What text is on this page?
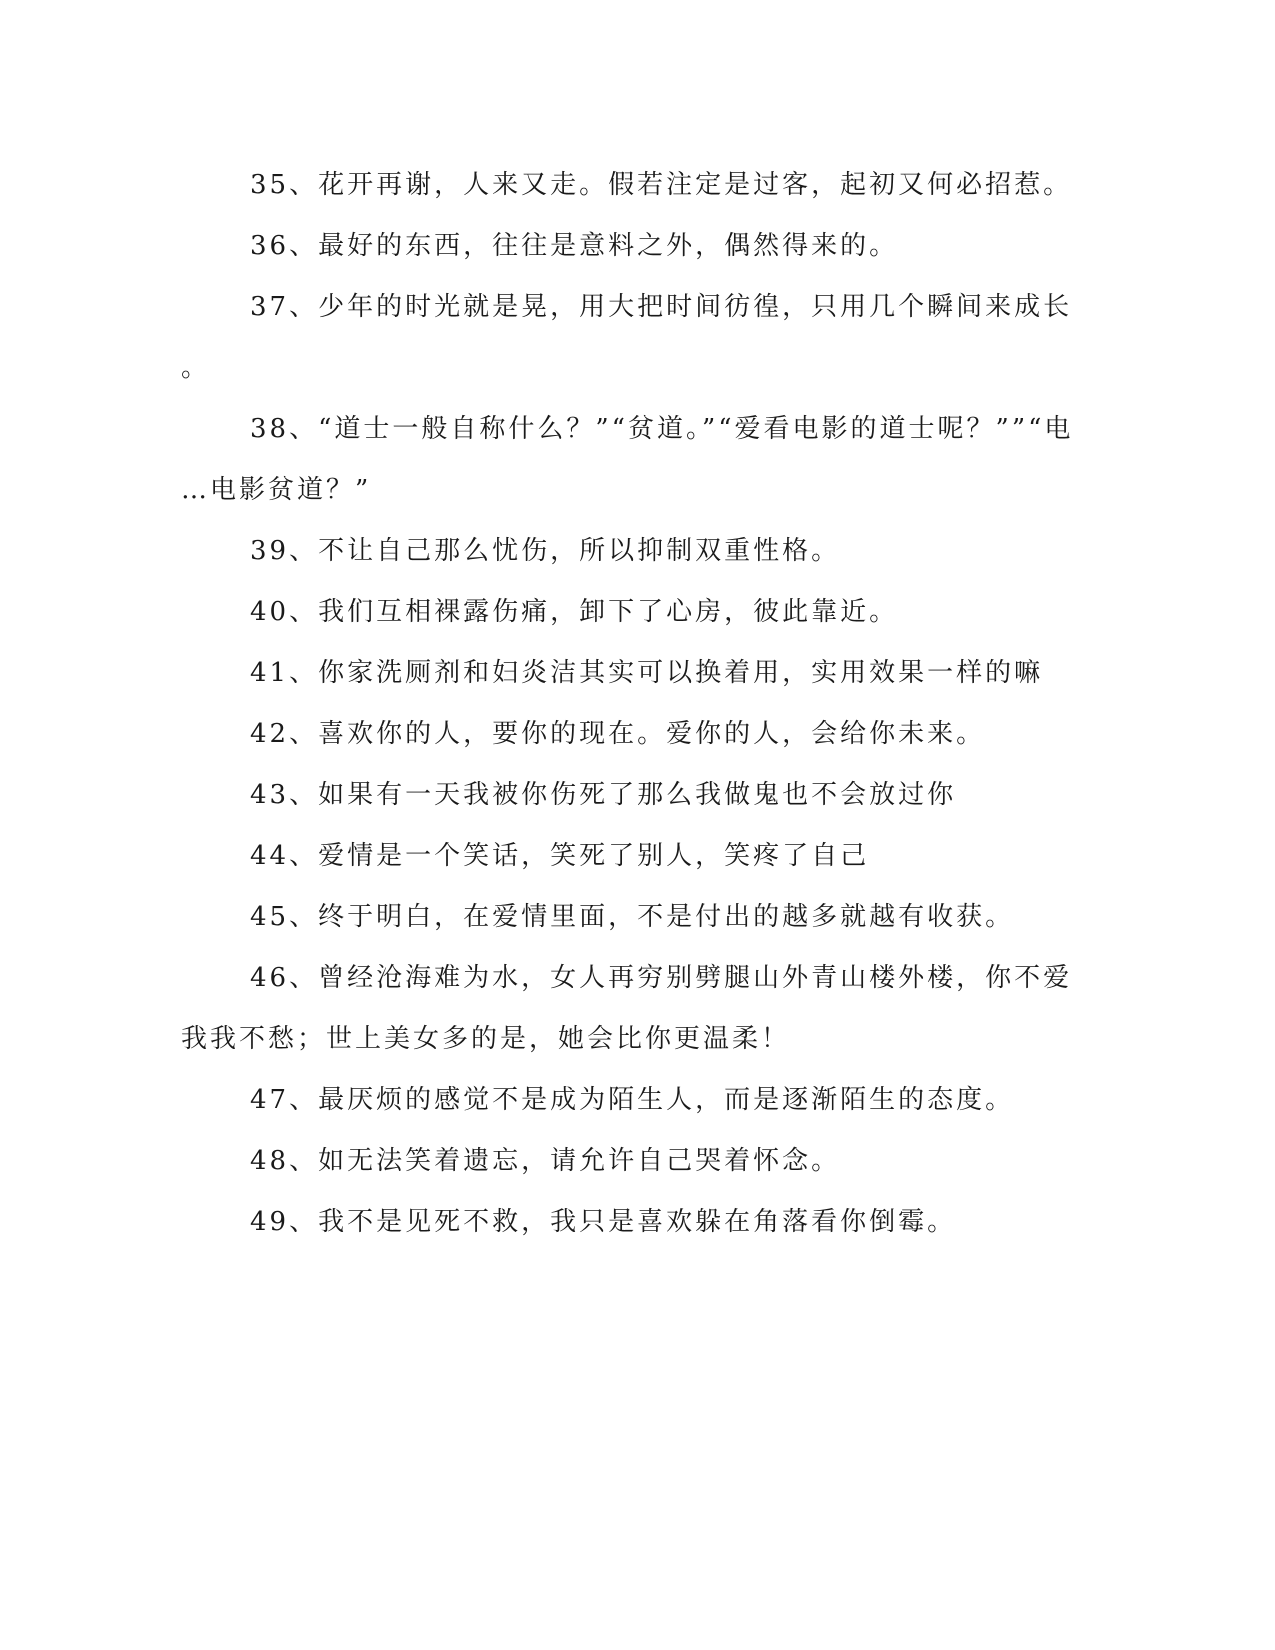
35、花开再谢，人来又走。假若注定是过客，起初又何必招惹。

36、最好的东西，往往是意料之外，偶然得来的。

37、少年的时光就是晃，用大把时间彷徨，只用几个瞬间来成长
。

38、“道士一般自称什么？”“贫道。”“爱看电影的道士呢？””“电
…电影贫道？”

39、不让自己那么忧伤，所以抑制双重性格。

40、我们互相裸露伤痛，卸下了心房，彼此靠近。

41、你家洗厕剂和妇炎洁其实可以换着用，实用效果一样的嘛

42、喜欢你的人，要你的现在。爱你的人，会给你未来。

43、如果有一天我被你伤死了那么我做鬼也不会放过你

44、爱情是一个笑话，笑死了别人，笑疼了自己

45、终于明白，在爱情里面，不是付出的越多就越有收获。

46、曾经沧海难为水，女人再穷别劈腿山外青山楼外楼，你不爱
我我不愁；世上美女多的是，她会比你更温柔！

47、最厌烦的感觉不是成为陌生人，而是逐渐陌生的态度。

48、如无法笑着遗忘，请允许自己哭着怀念。

49、我不是见死不救，我只是喜欢躲在角落看你倒霉。
